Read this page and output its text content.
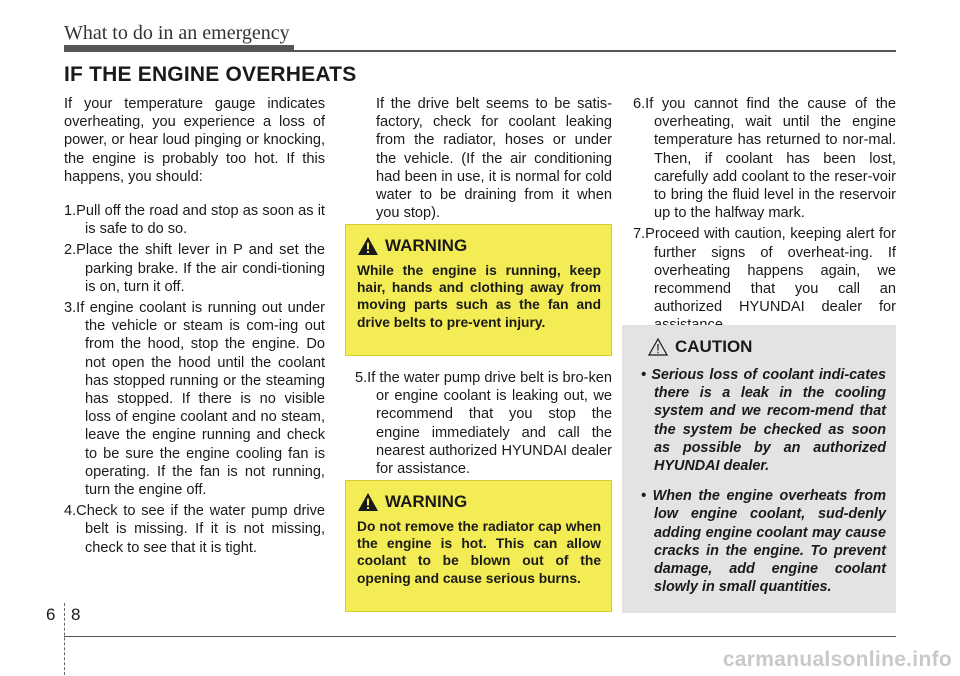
What to do in an emergency
IF THE ENGINE OVERHEATS

If your temperature gauge indicates overheating, you experience a loss of power, or hear loud pinging or knocking, the engine is probably too hot. If this happens, you should:

1.Pull off the road and stop as soon as it is safe to do so.

2.Place the shift lever in P and set the parking brake. If the air condi-tioning is on, turn it off.

3.If engine coolant is running out under the vehicle or steam is com-ing out from the hood, stop the engine. Do not open the hood until the coolant has stopped running or the steaming has stopped. If there is no visible loss of engine coolant and no steam, leave the engine running and check to be sure the engine cooling fan is operating. If the fan is not running, turn the engine off.

4.Check to see if the water pump drive belt is missing. If it is not missing, check to see that it is tight.

If the drive belt seems to be satis-factory, check for coolant leaking from the radiator, hoses or under the vehicle. (If the air conditioning had been in use, it is normal for cold water to be draining from it when you stop).

WARNING
While the engine is running, keep hair, hands and clothing away from moving parts such as the fan and drive belts to pre-vent injury.

5.If the water pump drive belt is bro-ken or engine coolant is leaking out, we recommend that you stop the engine immediately and call the nearest authorized HYUNDAI dealer for assistance.

WARNING
Do not remove the radiator cap when the engine is hot. This can allow coolant to be blown out of the opening and cause serious burns.

6.If you cannot find the cause of the overheating, wait until the engine temperature has returned to nor-mal. Then, if coolant has been lost, carefully add coolant to the reser-voir to bring the fluid level in the reservoir up to the halfway mark.

7.Proceed with caution, keeping alert for further signs of overheat-ing. If overheating happens again, we recommend that you call an authorized HYUNDAI dealer for

CAUTION

• Serious loss of coolant indi-cates there is a leak in the cooling system and we recom-mend that the system be checked as soon as possible by an authorized HYUNDAI dealer.

• When the engine overheats from low engine coolant, sud-denly adding engine coolant may cause cracks in the engine. To prevent damage, add engine coolant slowly in small quantities.

6 8
carmanualsonline.info
